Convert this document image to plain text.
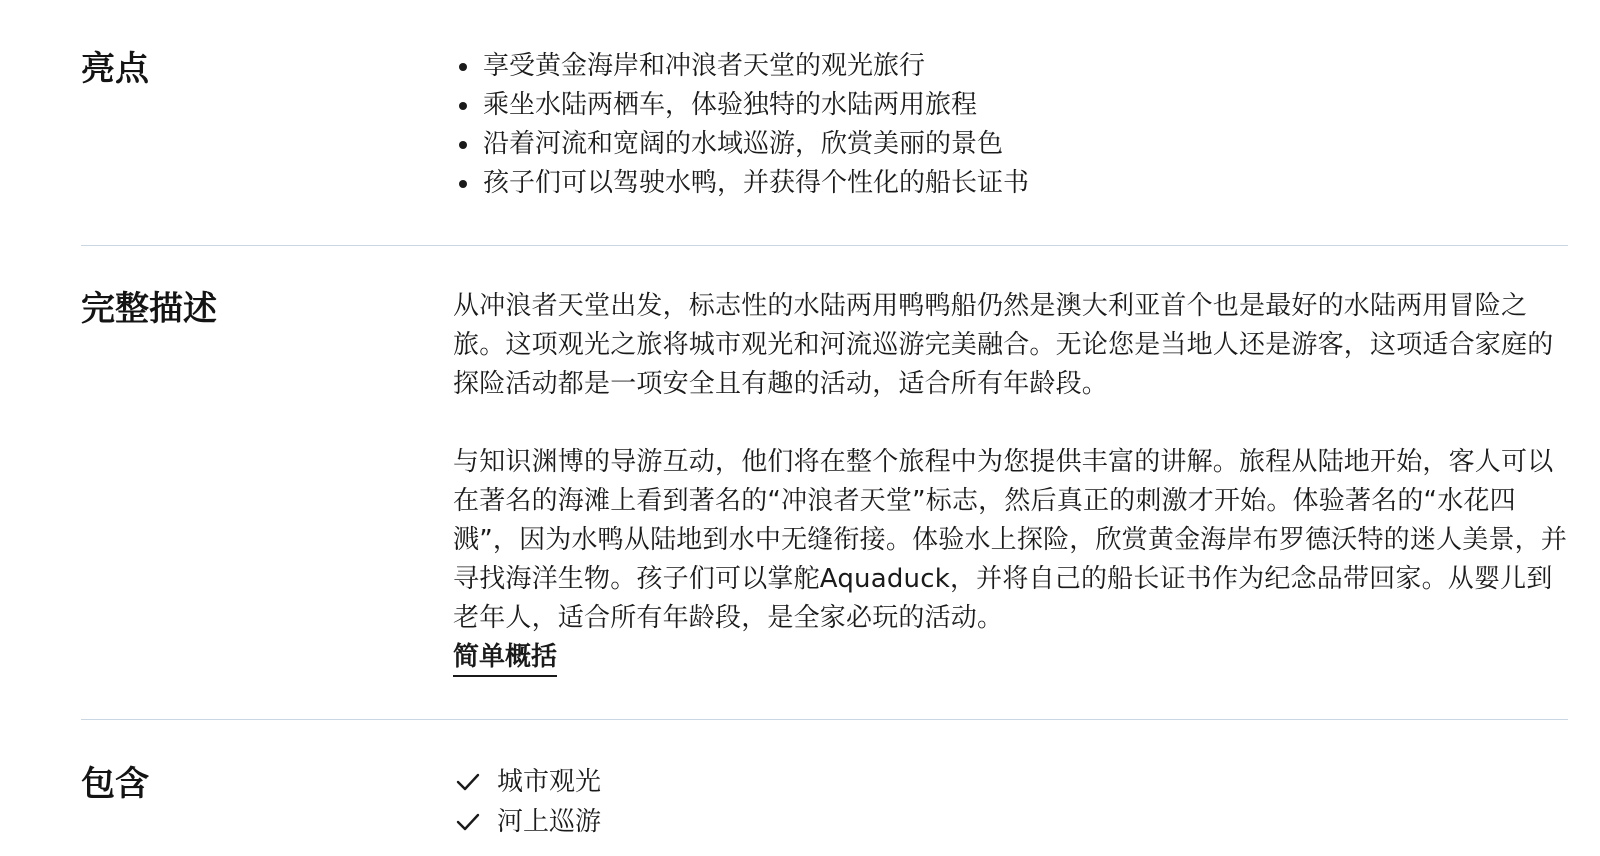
亮点	享受黄金海岸和冲浪者天堂的观光旅行
乘坐水陆两栖车，体验独特的水陆两用旅程
沿着河流和宽阔的水域巡游，欣赏美丽的景色
孩子们可以驾驶水鸭，并获得个性化的船长证书
完整描述	从冲浪者天堂出发，标志性的水陆两用鸭鸭船仍然是澳大利亚首个也是最好的水陆两用冒险之旅。这项观光之旅将城市观光和河流巡游完美融合。无论您是当地人还是游客，这项适合家庭的探险活动都是一项安全且有趣的活动，适合所有年龄段。

与知识渊博的导游互动，他们将在整个旅程中为您提供丰富的讲解。旅程从陆地开始，客人可以在著名的海滩上看到著名的“冲浪者天堂”标志，然后真正的刺激才开始。体验著名的“水花四溅”，因为水鸭从陆地到水中无缝衔接。体验水上探险，欣赏黄金海岸布罗德沃特的迷人美景，并寻找海洋生物。孩子们可以掌舵Aquaduck，并将自己的船长证书作为纪念品带回家。从婴儿到老年人，适合所有年龄段，是全家必玩的活动。

简单概括
包含	城市观光
河上巡游
